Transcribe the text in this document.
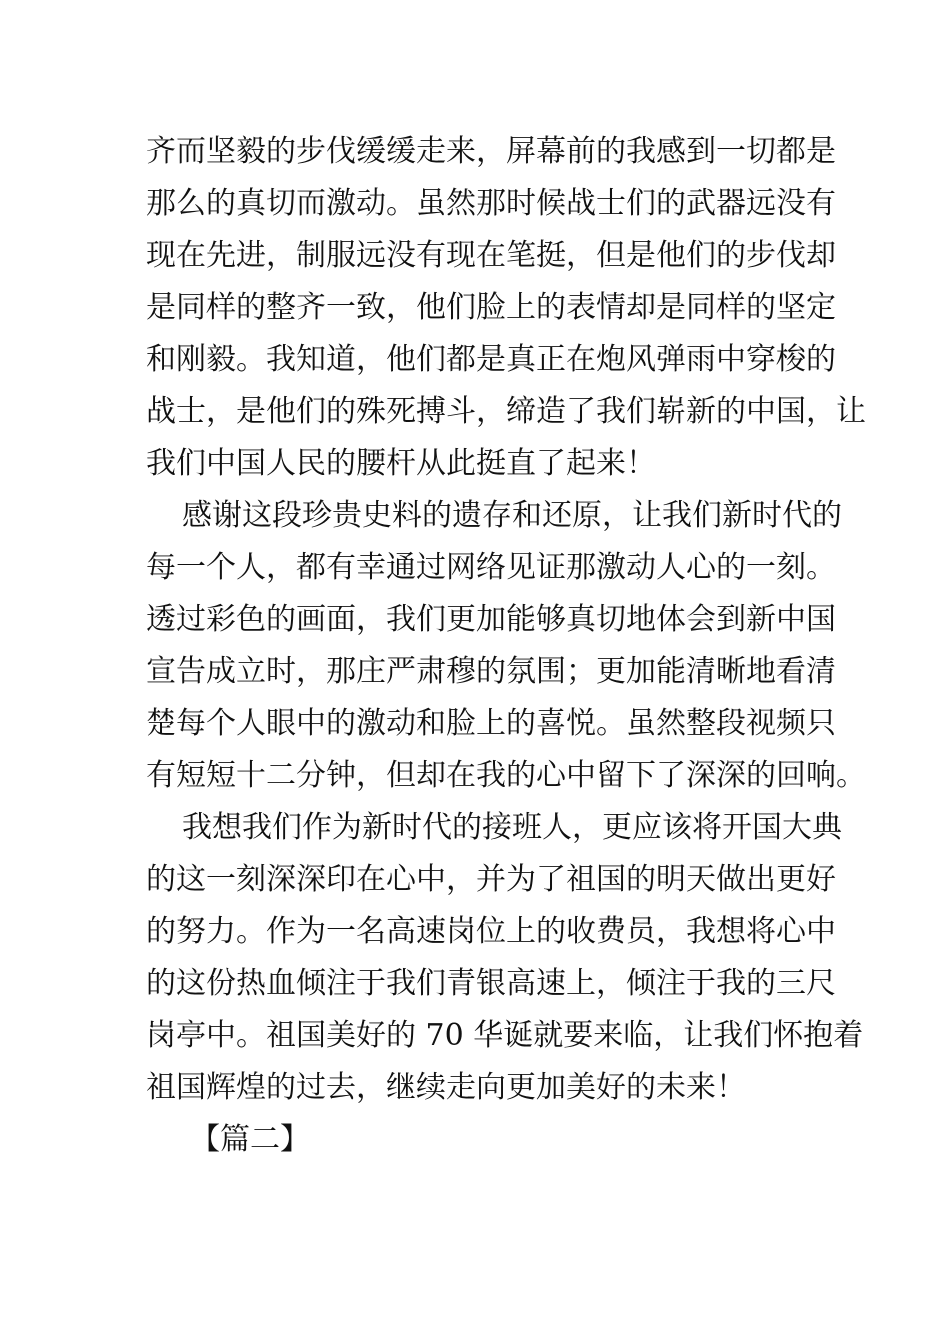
齐而坚毅的步伐缓缓走来，屏幕前的我感到一切都是
那么的真切而激动。虽然那时候战士们的武器远没有
现在先进，制服远没有现在笔挺，但是他们的步伐却
是同样的整齐一致，他们脸上的表情却是同样的坚定
和刚毅。我知道，他们都是真正在炮风弹雨中穿梭的
战士，是他们的殊死搏斗，缔造了我们崭新的中国，让
我们中国人民的腰杆从此挺直了起来！
感谢这段珍贵史料的遗存和还原，让我们新时代的
每一个人，都有幸通过网络见证那激动人心的一刻。
透过彩色的画面，我们更加能够真切地体会到新中国
宣告成立时，那庄严肃穆的氛围；更加能清晰地看清
楚每个人眼中的激动和脸上的喜悦。虽然整段视频只
有短短十二分钟，但却在我的心中留下了深深的回响。
我想我们作为新时代的接班人，更应该将开国大典
的这一刻深深印在心中，并为了祖国的明天做出更好
的努力。作为一名高速岗位上的收费员，我想将心中
的这份热血倾注于我们青银高速上，倾注于我的三尺
岗亭中。祖国美好的 70 华诞就要来临，让我们怀抱着
祖国辉煌的过去，继续走向更加美好的未来！
【篇二】
